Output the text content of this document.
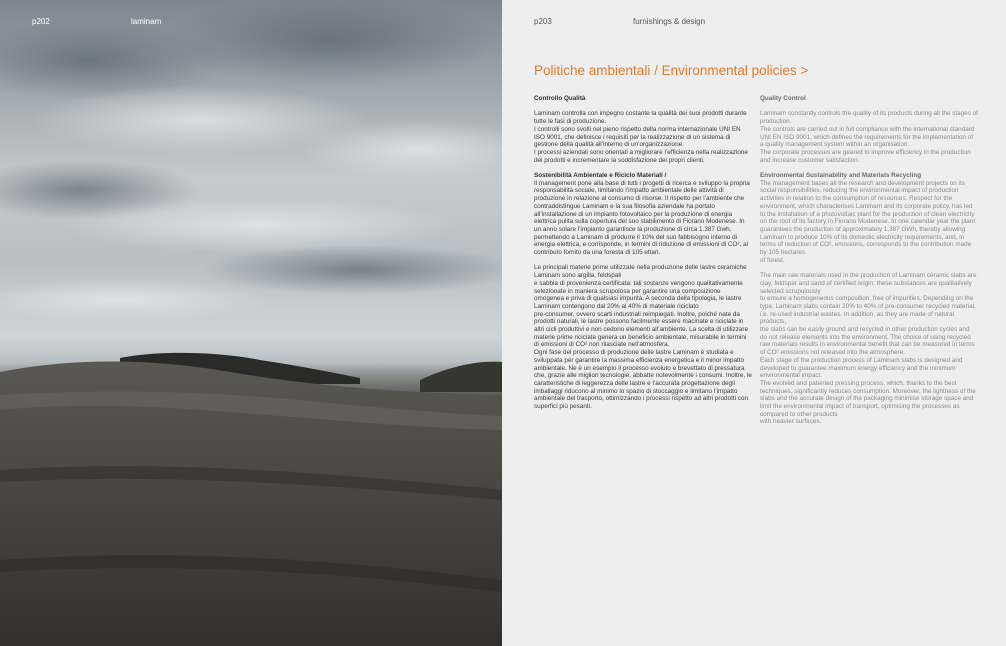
p202	laminam	p203	furnishings & design
Politiche ambientali / Environmental policies >

Controllo Qualità

Laminam controlla con impegno costante la qualità dei suoi prodotti durante tutte le fasi di produzione.
I controlli sono svolti nel pieno rispetto della norma internazionale UNI EN ISO 9001, che definisce i requisiti per la realizzazione di un sistema di gestione della qualità all’interno di un’organizzazione.
I processi aziendali sono orientati a migliorare l’efficienza nella realizzazione dei prodotti e incrementare la soddisfazione dei propri clienti.

Sostenibilità Ambientale e Riciclo Materiali /

Il management pone alla base di tutti i progetti di ricerca e sviluppo la propria responsabilità sociale, limitando l’impatto ambientale delle attività di produzione in relazione al consumo di risorse. Il rispetto per l’ambiente che contraddistingue Laminam e la sua filosofia aziendale ha portato all’installazione di un impianto fotovoltaico per la produzione di energia elettrica pulita sulla copertura del suo stabilimento di Fiorano Modenese. In un anno solare l’impianto garantisce la produzione di circa 1.387 Gwh, permettendo a Laminam di produrre il 10% del suo fabbisogno interno di energia elettrica, e corrisponde, in termini di riduzione di emissioni di CO², al contributo fornito da una foresta di 105 ettari.

Le principali materie prime utilizzate nella produzione delle lastre ceramiche Laminam sono argilla, feldspati
e sabbia di provenienza certificata: tali sostanze vengono qualitativamente selezionate in maniera scrupolosa per garantire una composizione omogenea e priva di qualsiasi impurità. A seconda della tipologia, le lastre Laminam contengono dal 20% al 40% di materiale riciclato
pre-consumer, ovvero scarti industriali reimpiegati. Inoltre, poiché nate da prodotti naturali, le lastre possono facilmente essere macinate e riciclate in altri cicli produttivi e non cedono elementi all’ambiente. La scelta di utilizzare materie prime riciclate genera un beneficio ambientale, misurabile in termini di emissioni di CO² non rilasciate nell’atmosfera.
Ogni fase del processo di produzione delle lastre Laminam è studiata e sviluppata per garantire la massima efficienza energetica e il minor impatto ambientale. Ne è un esempio il processo evoluto e brevettato di pressatura che, grazie alle migliori tecnologie, abbatte notevolmente i consumi. Inoltre, le caratteristiche di leggerezza delle lastre e l’accurata progettazione degli imballaggi riducono al minimo lo spazio di stoccaggio e limitano l’impatto ambientale del trasporto, ottimizzando i processi rispetto ad altri prodotti con superfici più pesanti.

Quality Control

Laminam constantly controls the quality of its products during all the stages of production.
The controls are carried out in full compliance with the international standard UNI EN ISO 9001, which defines the requirements for the implementation of a quality management system within an organisation.
The corporate processes are geared to improve efficiency in the production and increase customer satisfaction.

Environmental Sustainability and Materials Recycling

The management bases all the research and development projects on its social responsibilities, reducing the environmental impact of production activities in relation to the consumption of resources. Respect for the environment, which characterises Laminam and its corporate policy, has led to the installation of a photovoltaic plant for the production of clean electricity on the roof of its factory in Fiorano Modenese. In one calendar year the plant guarantees the production of approximately 1,387 GWh, thereby allowing Laminam to produce 10% of its domestic electricity requirements, and, in terms of reduction of CO², emissions, corresponds to the contribution made by 105 hectares
of forest.

The main raw materials used in the production of Laminam ceramic slabs are clay, feldspar and sand of certified origin: these substances are qualitatively selected scrupulously
to ensure a homogeneous composition, free of impurities. Depending on the type, Laminam slabs contain 20% to 40% of pre-consumer recycled material, i.e. re-used industrial wastes. In addition, as they are made of natural products,
the slabs can be easily ground and recycled in other production cycles and do not release elements into the environment. The choice of using recycled raw materials results in environmental benefit that can be measured in terms of CO² emissions not released into the atmosphere.
Each stage of the production process of Laminam slabs is designed and developed to guarantee maximum energy efficiency and the minimum environmental impact.
The evolved and patented pressing process, which, thanks to the best techniques, significantly reduces consumption. Moreover, the lightness of the slabs and the accurate design of the packaging minimise storage space and limit the environmental impact of transport, optimising the processes as compared to other products
with heavier surfaces.
